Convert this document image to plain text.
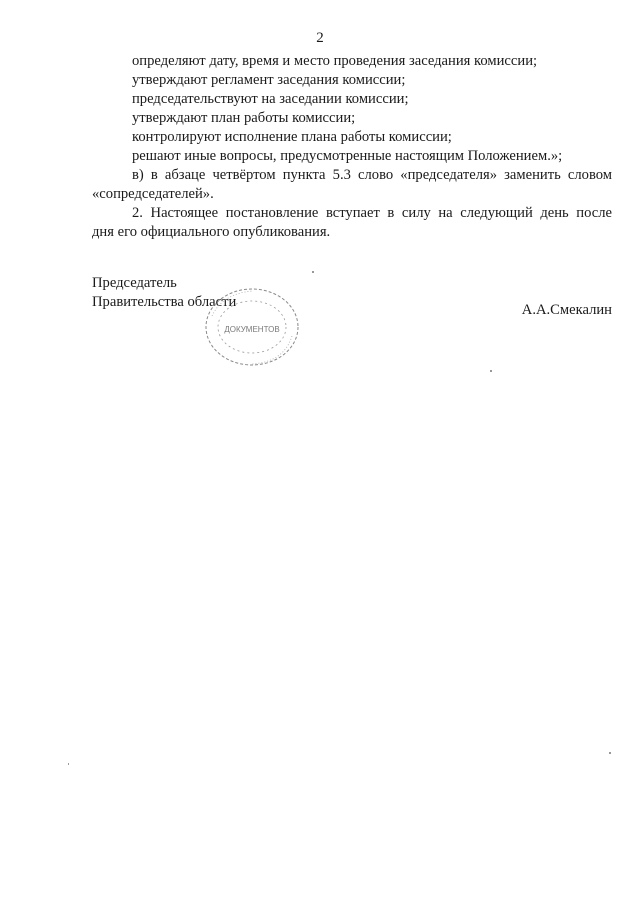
2
определяют дату, время и место проведения заседания комиссии;
утверждают регламент заседания комиссии;
председательствуют на заседании комиссии;
утверждают план работы комиссии;
контролируют исполнение плана работы комиссии;
решают иные вопросы, предусмотренные настоящим Положением.»;
в) в абзаце четвёртом пункта 5.3 слово «председателя» заменить словом
«сопредседателей».
2. Настоящее постановление вступает в силу на следующий день после
дня его официального опубликования.
Председатель
Правительства области	А.А.Смекалин
ДОКУМЕНТОВ
